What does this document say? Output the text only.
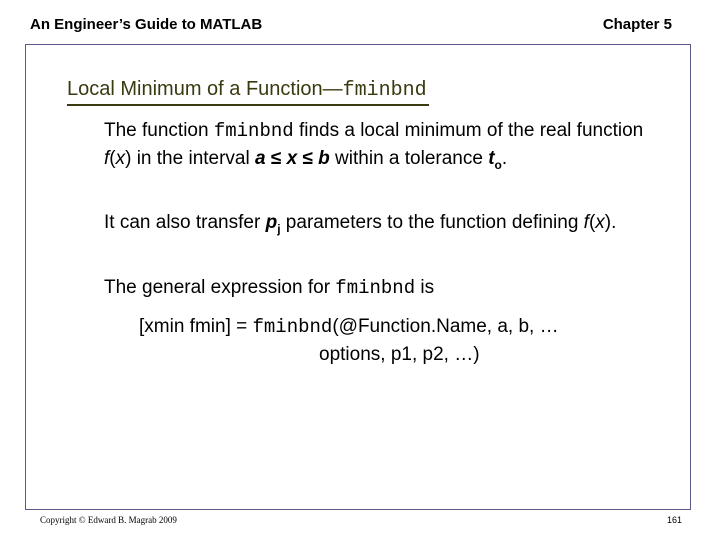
An Engineer’s Guide to MATLAB	Chapter 5
Local Minimum of a Function—fminbnd
The function fminbnd finds a local minimum of the real function f(x) in the interval a ≤ x ≤ b within a tolerance $t_o$.
It can also transfer $p_j$ parameters to the function defining f(x).
The general expression for fminbnd is
[xmin fmin] = fminbnd(@Function.Name, a, b, …
options, p1, p2, …)
Copyright © Edward B. Magrab 2009	161
